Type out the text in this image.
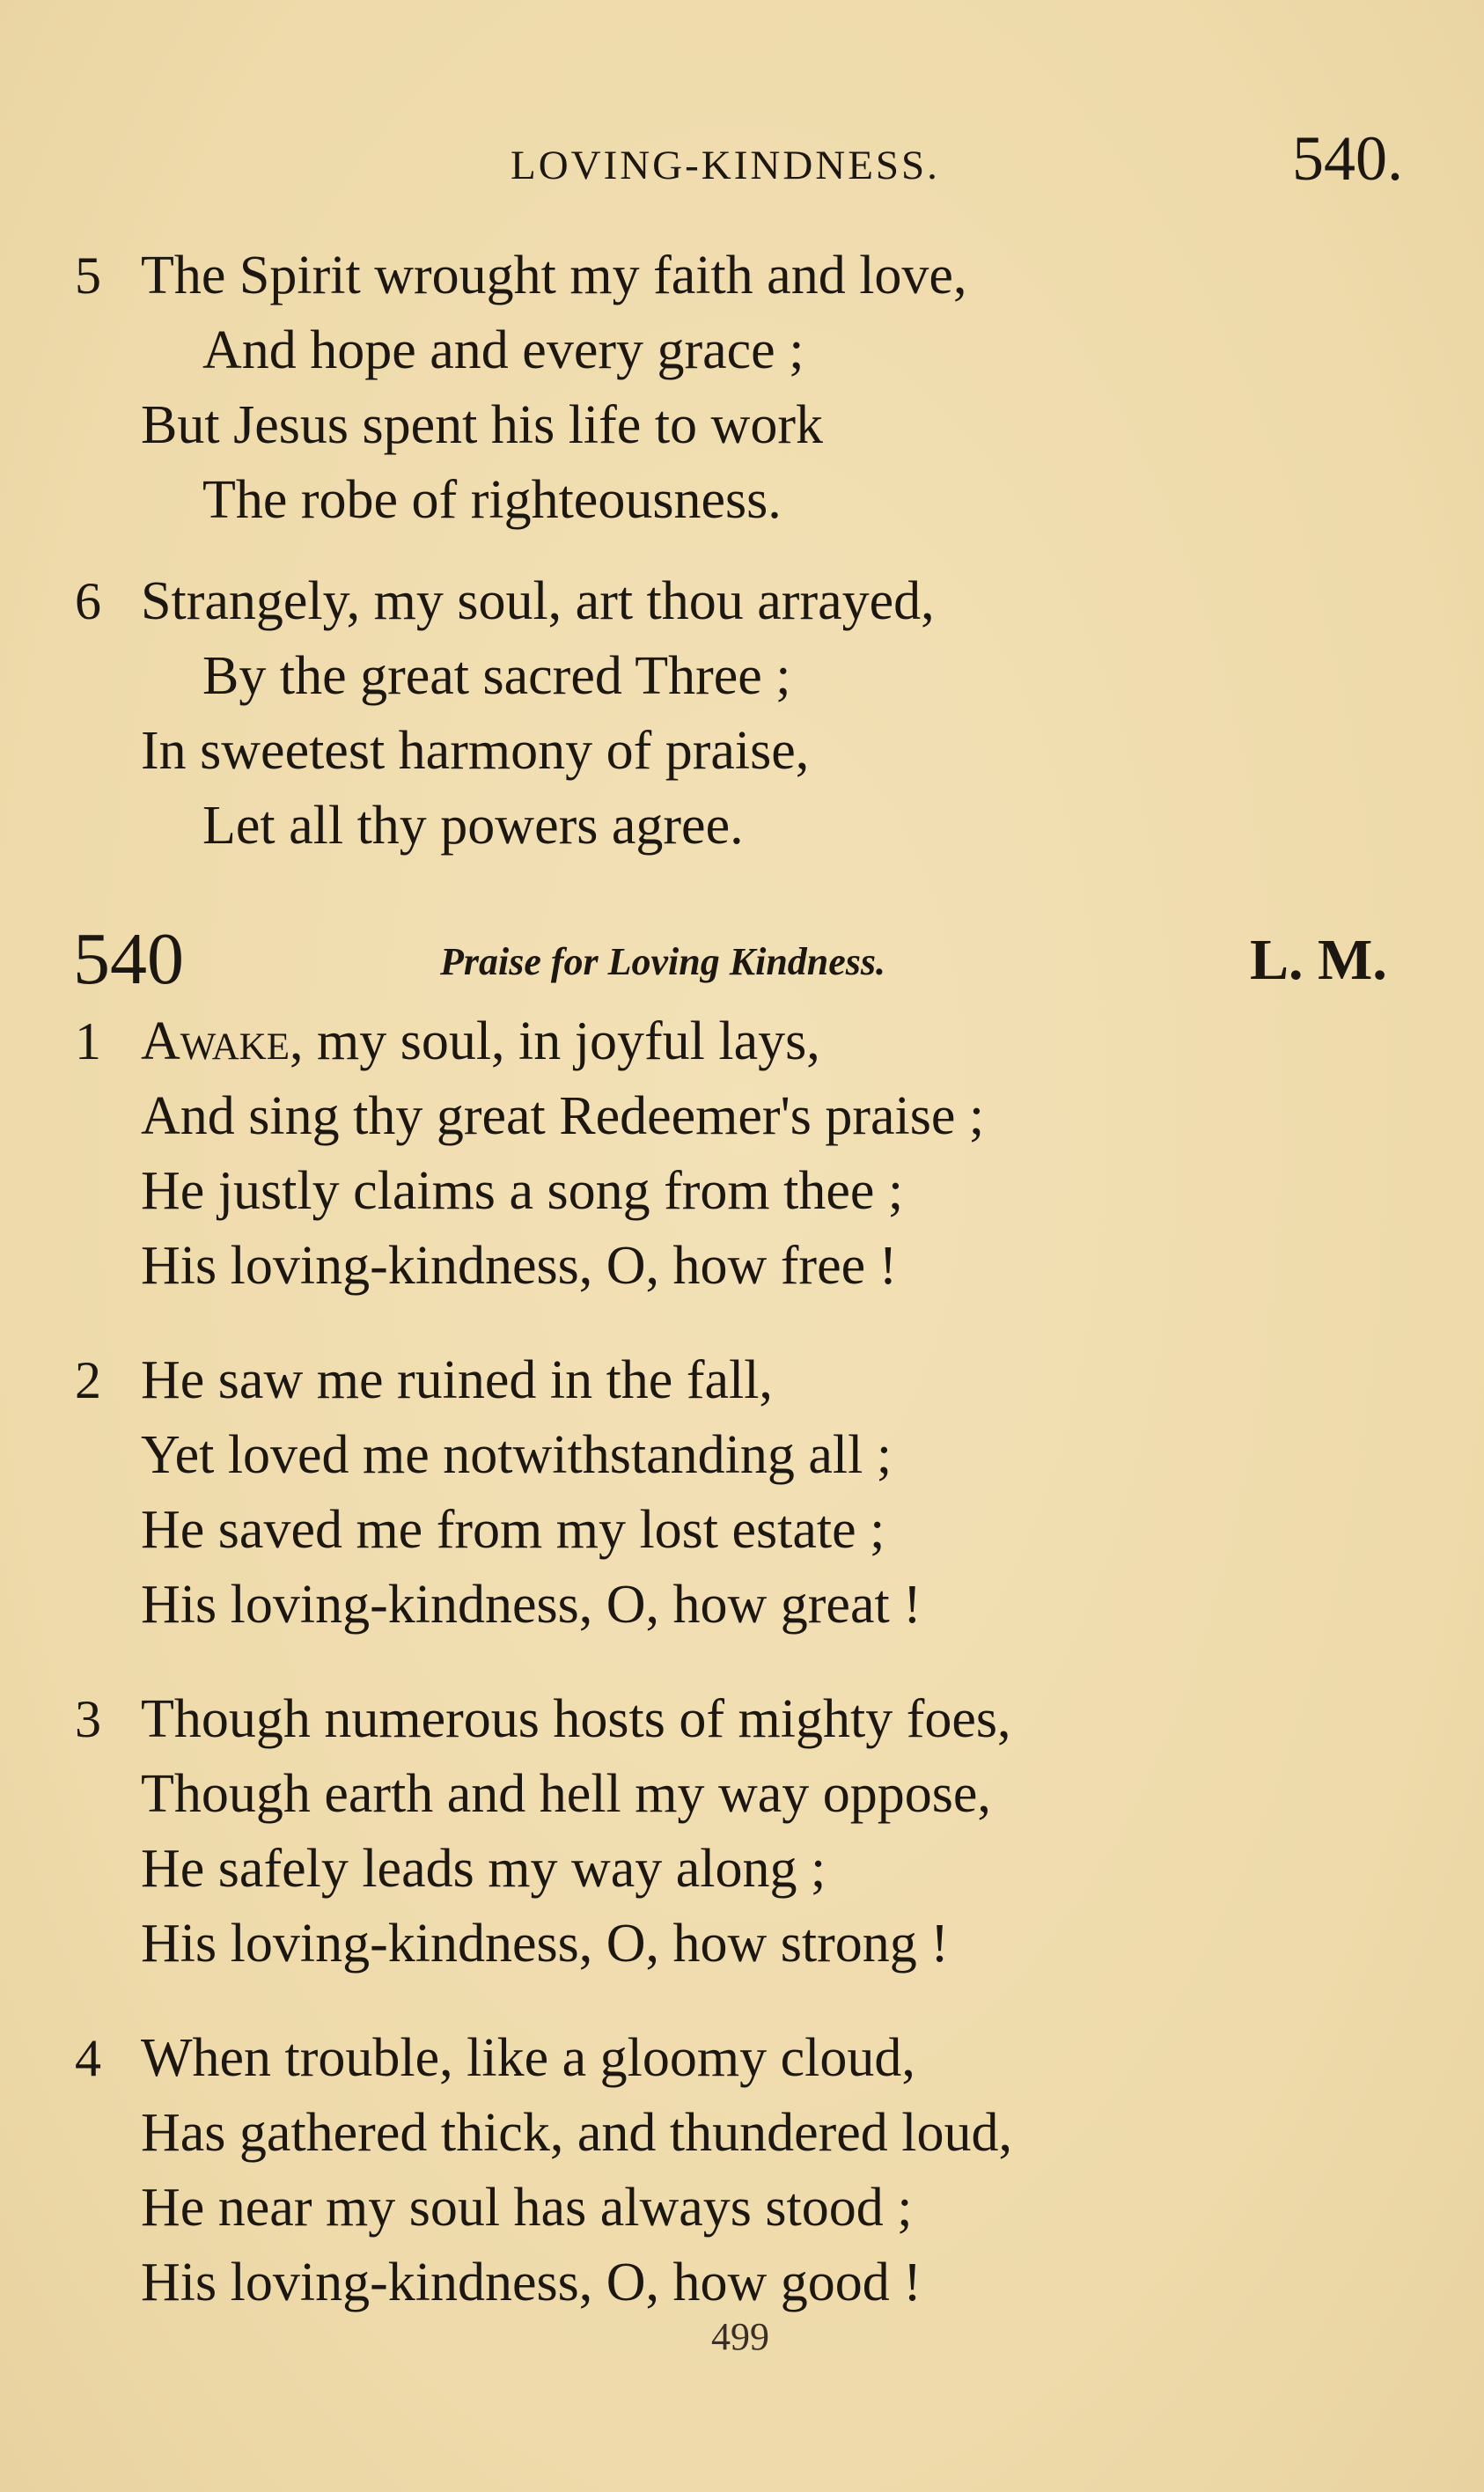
LOVING-KINDNESS.	540.
5 The Spirit wrought my faith and love,
And hope and every grace ;
But Jesus spent his life to work
The robe of righteousness.
6 Strangely, my soul, art thou arrayed,
By the great sacred Three ;
In sweetest harmony of praise,
Let all thy powers agree.
540	Praise for Loving Kindness.	L. M.
1 Awake, my soul, in joyful lays,
And sing thy great Redeemer's praise ;
He justly claims a song from thee ;
His loving-kindness, O, how free !
2 He saw me ruined in the fall,
Yet loved me notwithstanding all ;
He saved me from my lost estate ;
His loving-kindness, O, how great !
3 Though numerous hosts of mighty foes,
Though earth and hell my way oppose,
He safely leads my way along ;
His loving-kindness, O, how strong !
4 When trouble, like a gloomy cloud,
Has gathered thick, and thundered loud,
He near my soul has always stood ;
His loving-kindness, O, how good !
499
